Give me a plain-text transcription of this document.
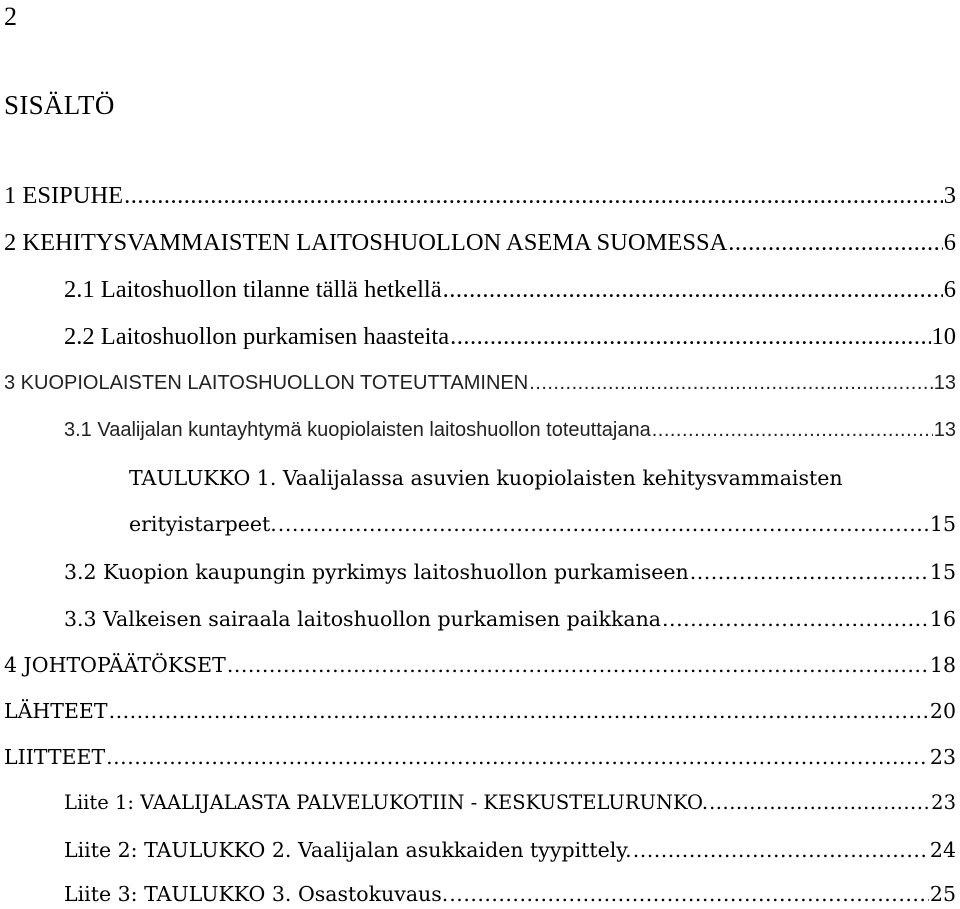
2
SISÄLTÖ
1 ESIPUHE .....	3
2 KEHITYSVAMMAISTEN LAITOSHUOLLON ASEMA SUOMESSA .....	6
2.1 Laitoshuollon tilanne tällä hetkellä .....	6
2.2 Laitoshuollon purkamisen haasteita .....	10
3 KUOPIOLAISTEN LAITOSHUOLLON TOTEUTTAMINEN .....	13
3.1 Vaalijalan kuntayhtymä kuopiolaisten laitoshuollon toteuttajana .....	13
TAULUKKO 1. Vaalijalassa asuvien kuopiolaisten kehitysvammaisten
erityistarpeet. .....	15
3.2 Kuopion kaupungin pyrkimys laitoshuollon purkamiseen .....	15
3.3 Valkeisen sairaala laitoshuollon purkamisen paikkana .....	16
4 JOHTOPÄÄTÖKSET .....	18
LÄHTEET .....	20
LIITTEET .....	23
Liite 1: VAALIJALASTA PALVELUKOTIIN - KESKUSTELURUNKO. .....	23
Liite 2: TAULUKKO 2. Vaalijalan asukkaiden tyypittely. .....	24
Liite 3: TAULUKKO 3. Osastokuvaus. .....	25
